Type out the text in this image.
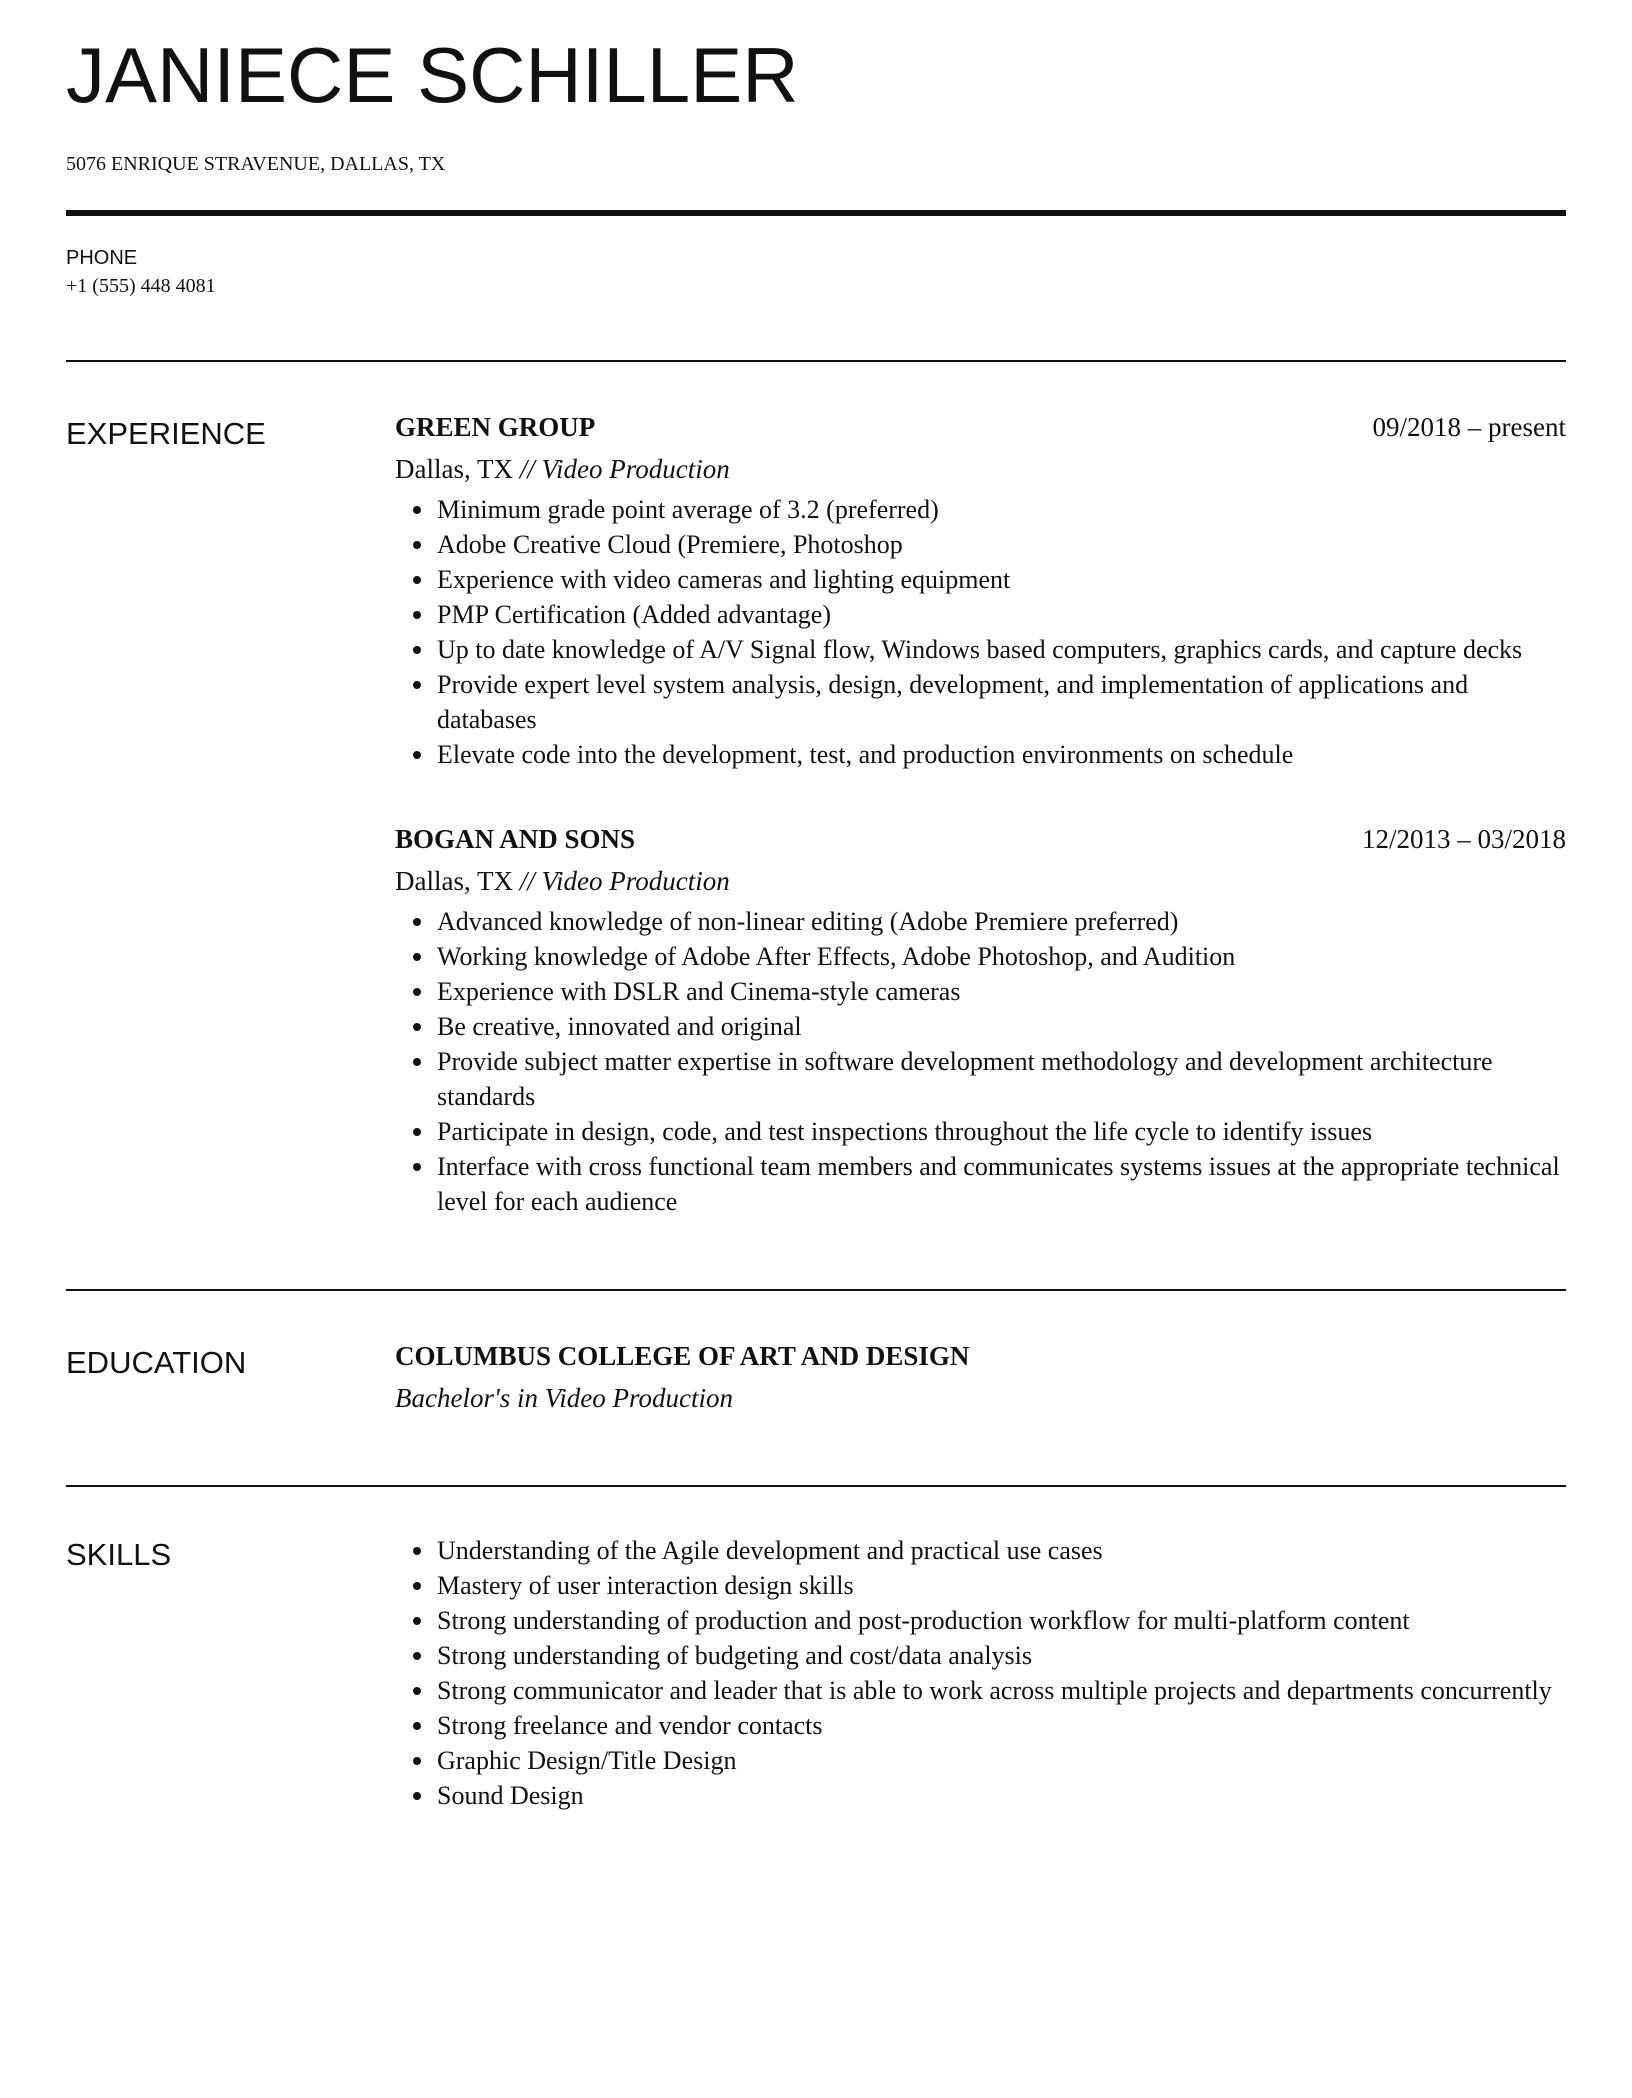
JANIECE SCHILLER
5076 ENRIQUE STRAVENUE, DALLAS, TX
PHONE
+1 (555) 448 4081
EXPERIENCE	GREEN GROUP	09/2018 – present
Dallas, TX // Video Production
Minimum grade point average of 3.2 (preferred)
Adobe Creative Cloud (Premiere, Photoshop
Experience with video cameras and lighting equipment
PMP Certification (Added advantage)
Up to date knowledge of A/V Signal flow, Windows based computers, graphics cards, and capture decks
Provide expert level system analysis, design, development, and implementation of applications and databases
Elevate code into the development, test, and production environments on schedule
BOGAN AND SONS	12/2013 – 03/2018
Dallas, TX // Video Production
Advanced knowledge of non-linear editing (Adobe Premiere preferred)
Working knowledge of Adobe After Effects, Adobe Photoshop, and Audition
Experience with DSLR and Cinema-style cameras
Be creative, innovated and original
Provide subject matter expertise in software development methodology and development architecture standards
Participate in design, code, and test inspections throughout the life cycle to identify issues
Interface with cross functional team members and communicates systems issues at the appropriate technical level for each audience
EDUCATION	COLUMBUS COLLEGE OF ART AND DESIGN
Bachelor's in Video Production
SKILLS	Understanding of the Agile development and practical use cases
Mastery of user interaction design skills
Strong understanding of production and post-production workflow for multi-platform content
Strong understanding of budgeting and cost/data analysis
Strong communicator and leader that is able to work across multiple projects and departments concurrently
Strong freelance and vendor contacts
Graphic Design/Title Design
Sound Design
